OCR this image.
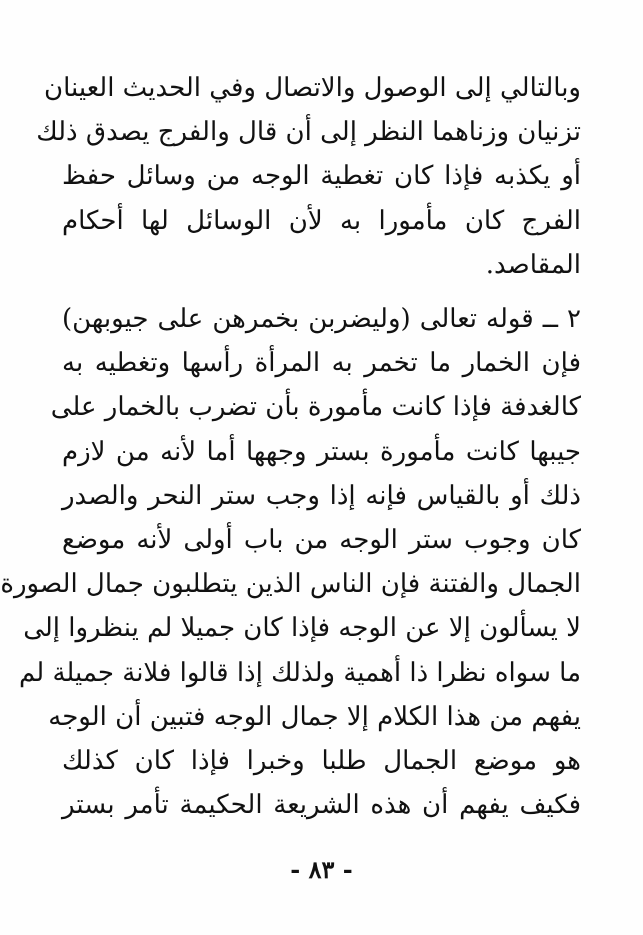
وبالتالي إلى الوصول والاتصال وفي الحديث العينان
تزنيان وزناهما النظر إلى أن قال والفرج يصدق ذلك
أو يكذبه فإذا كان تغطية الوجه من وسائل حفظ
الفرج كان مأمورا به لأن الوسائل لها أحكام
المقاصد.
٢ ــ قوله تعالى (وليضربن بخمرهن على جيوبهن)
فإن الخمار ما تخمر به المرأة رأسها وتغطيه به
كالغدفة فإذا كانت مأمورة بأن تضرب بالخمار على
جيبها كانت مأمورة بستر وجهها أما لأنه من لازم
ذلك أو بالقياس فإنه إذا وجب ستر النحر والصدر
كان وجوب ستر الوجه من باب أولى لأنه موضع
الجمال والفتنة فإن الناس الذين يتطلبون جمال الصورة
لا يسألون إلا عن الوجه فإذا كان جميلا لم ينظروا إلى
ما سواه نظرا ذا أهمية ولذلك إذا قالوا فلانة جميلة لم
يفهم من هذا الكلام إلا جمال الوجه فتبين أن الوجه
هو موضع الجمال طلبا وخبرا فإذا كان كذلك
فكيف يفهم أن هذه الشريعة الحكيمة تأمر بستر
- ٨٣ -
